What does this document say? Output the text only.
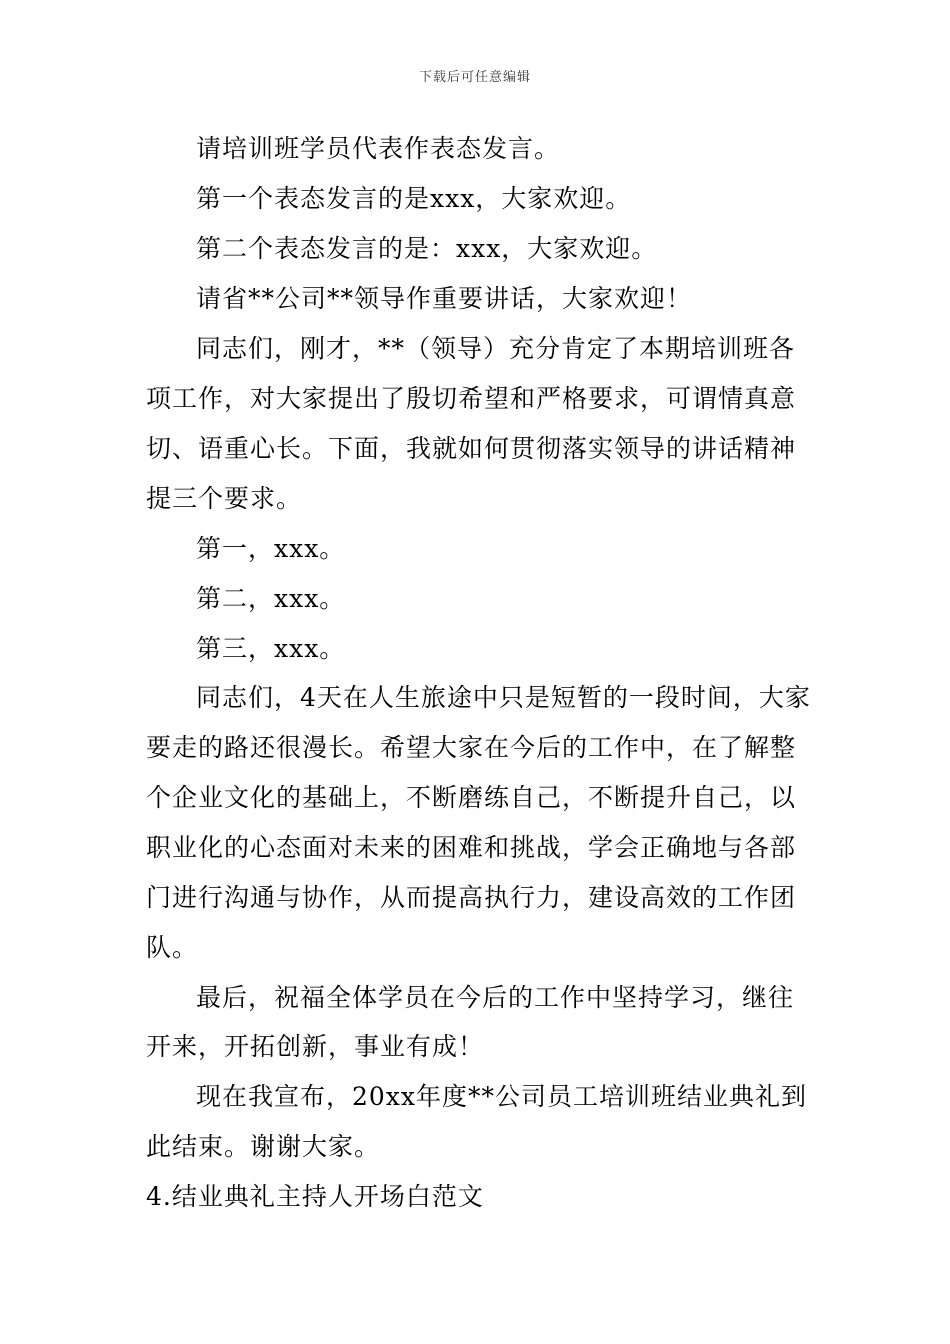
下载后可任意编辑
请培训班学员代表作表态发言。
第一个表态发言的是xxx，大家欢迎。
第二个表态发言的是：xxx，大家欢迎。
请省**公司**领导作重要讲话，大家欢迎！
同志们，刚才，**（领导）充分肯定了本期培训班各
项工作，对大家提出了殷切希望和严格要求，可谓情真意
切、语重心长。下面，我就如何贯彻落实领导的讲话精神
提三个要求。
第一，xxx。
第二，xxx。
第三，xxx。
同志们，4天在人生旅途中只是短暂的一段时间，大家
要走的路还很漫长。希望大家在今后的工作中，在了解整
个企业文化的基础上，不断磨练自己，不断提升自己，以
职业化的心态面对未来的困难和挑战，学会正确地与各部
门进行沟通与协作，从而提高执行力，建设高效的工作团
队。
最后，祝福全体学员在今后的工作中坚持学习，继往
开来，开拓创新，事业有成！
现在我宣布，20xx年度**公司员工培训班结业典礼到
此结束。谢谢大家。
4.结业典礼主持人开场白范文
